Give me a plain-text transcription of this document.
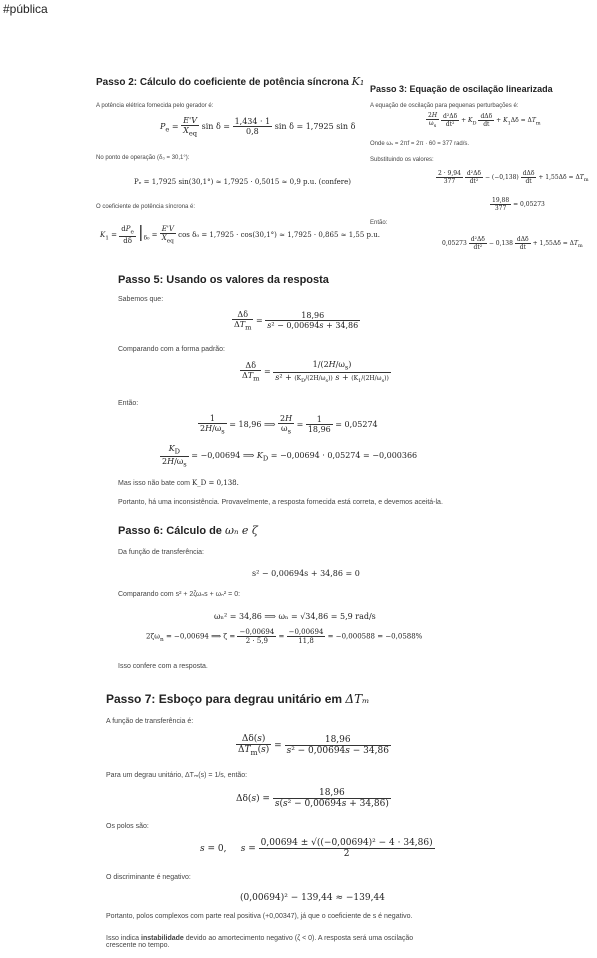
#pública
Passo 2: Cálculo do coeficiente de potência síncrona K₁
A potência elétrica fornecida pelo gerador é:
$P_e = \frac{E'V}{X_{eq}}$ $\sin \delta = \frac{1,434 \cdot 1}{0,8}$ sin δ = 1,7925 sin δ
No ponto de operação (δ₀ = 30,1°):
Pₑ = 1,7925 sin(30,1°) ≈ 1,7925 · 0,5015 ≈ 0,9 p.u. (confere)
O coeficiente de potência síncrona é:
$K_1 = \frac{dP_e}{d\delta} |_{\delta_0} = \frac{E'V}{X_{eq}}$ cos δ₀ = 1,7925 · cos(30,1°) ≈ 1,7925 · 0,865 ≈ 1,55 p.u.
Passo 3: Equação de oscilação linearizada
A equação de oscilação para pequenas perturbações é:
$\frac{2H}{\omega_s}$
$\frac{\text{d²Δδ}}{\text{dt²}} + K_D \frac{\text{dΔδ}}{dt} + K_1\Delta\delta = \Delta T_m$
Onde ωₛ = 2πf = 2π · 60 = 377 rad/s.
Substituindo os valores:
$\frac{2 \cdot 9,94}{377}$
$\frac{\text{d²Δδ}}{\text{dt²}} - (-0,138) \frac{\text{dΔδ}}{dt} + 1,55\Delta\delta = \Delta T_m$
$\frac{19,88}{377} = 0,05273$
Então:
$0,05273 \frac{\text{d²Δδ}}{\text{dt²}} - 0,138 \frac{\text{dΔδ}}{dt} + 1,55\Delta\delta = \Delta T_m$
Passo 5: Usando os valores da resposta
Sabemos que:
$\frac{\Delta\delta}{\Delta T_m} = \frac{18,96}{\text{s² − 0,00694s + 34,86}}$
Comparando com a forma padrão:
$\frac{\Delta\delta}{\Delta T_m} = \frac{1/(2H/\omega_s)}{s^2 + (K_D/(2H/\omega_s)) s + (K_1/(2H/\omega_s))}$
Então:
$\frac{1}{2H/\omega_s} = 18,96$ ⟹ $\frac{2H}{\omega_s} = \frac{1}{18,96} = 0,05274$
$\frac{K_D}{2H/\omega_s} = -0,00694$ ⟹ $K_D = -0,00694 \cdot 0,05274 = -0,000366$
Mas isso não bate com K_D = 0,138.
Portanto, há uma inconsistência. Provavelmente, a resposta fornecida está correta, e devemos aceitá-la.
Passo 6: Cálculo de ωₙ e ζ
Da função de transferência:
s² − 0,00694s + 34,86 = 0
Comparando com s² + 2ζωₙs + ωₙ² = 0:
ωₙ² = 34,86 ⟹ ωₙ = √34,86 = 5,9 rad/s
$2\zeta\omega_n = -0,00694$ ⟹ $\zeta = \frac{-0,00694}{2 \cdot 5,9} = \frac{-0,00694}{11,8} = -0,000588 = -0,0588\%$
Isso confere com a resposta.
Passo 7: Esboço para degrau unitário em ΔTₘ
A função de transferência é:
$\frac{\Delta\delta(s)}{\Delta T_m(s)} = \frac{18,96}{\text{s² − 0,00694s − 34,86}}$
Para um degrau unitário, ΔTₘ(s) = 1/s, então:
$\Delta\delta(s) = \frac{18,96}{\text{s(s² − 0,00694s + 34,86)}}$
Os polos são:
s = 0,     $s = \frac{\text{0,00694 ± √((−0,00694)² − 4 · 34,86)}}{2}$
O discriminante é negativo:
(0,00694)² − 139,44 ≈ −139,44
Portanto, polos complexos com parte real positiva (+0,00347), já que o coeficiente de s é negativo.
Isso indica instabilidade devido ao amortecimento negativo (ζ < 0). A resposta será uma oscilação
crescente no tempo.
